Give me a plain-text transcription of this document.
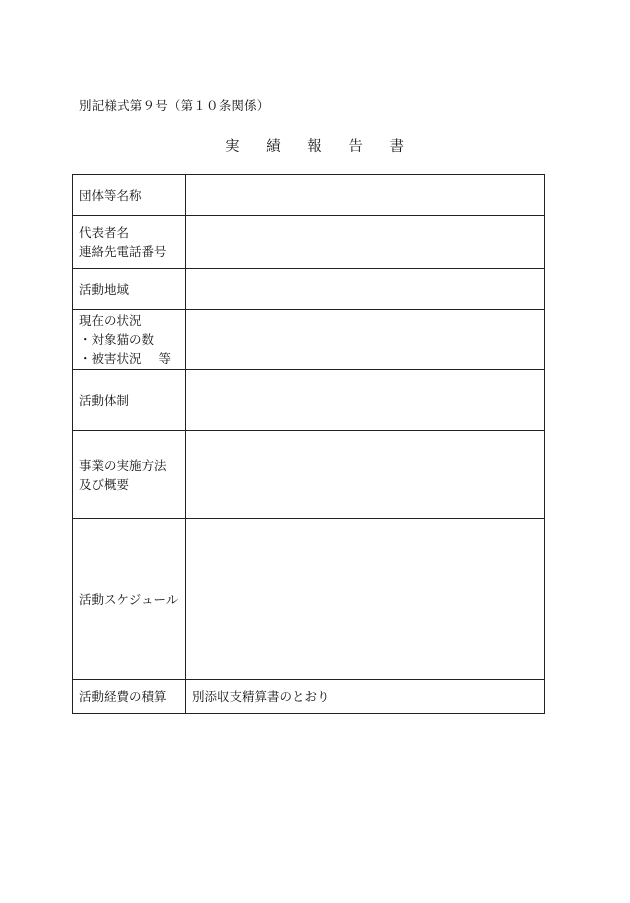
別記様式第９号（第１０条関係）
実 績 報 告 書
団体等名称	

代表者名
連絡先電話番号	

活動地域	

現在の状況
・対象猫の数
・被害状況 等	

活動体制	

事業の実施方法
及び概要	

活動スケジュール	

活動経費の積算	別添収支精算書のとおり
